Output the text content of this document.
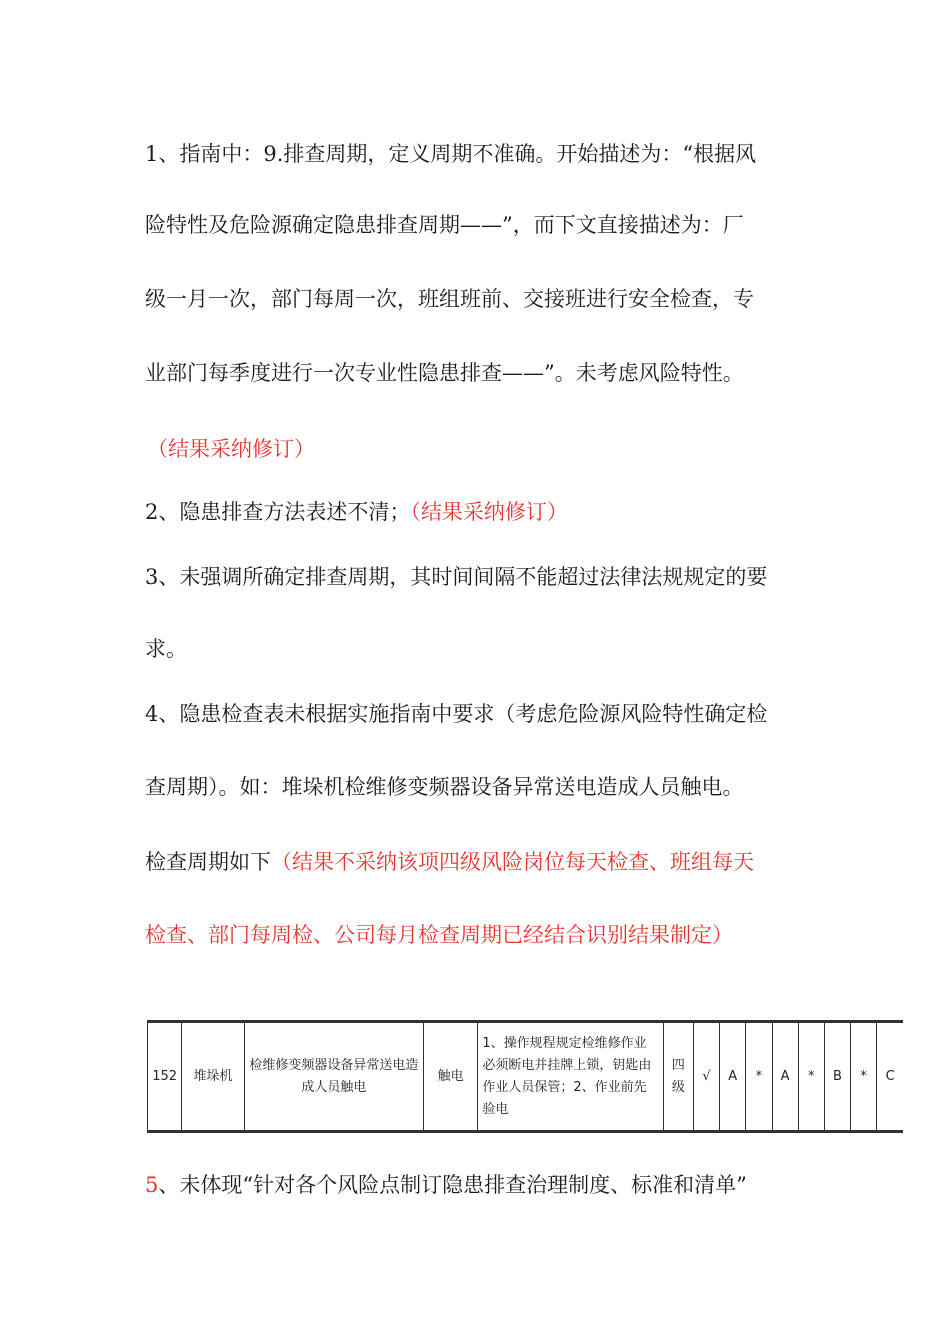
1、指南中：9.排查周期，定义周期不准确。开始描述为：“根据风
险特性及危险源确定隐患排查周期——”，而下文直接描述为：厂
级一月一次，部门每周一次，班组班前、交接班进行安全检查，专
业部门每季度进行一次专业性隐患排查——”。未考虑风险特性。
（结果采纳修订）
2、隐患排查方法表述不清；（结果采纳修订）
3、未强调所确定排查周期，其时间间隔不能超过法律法规规定的要
求。
4、隐患检查表未根据实施指南中要求（考虑危险源风险特性确定检
查周期）。如：堆垛机检维修变频器设备异常送电造成人员触电。
检查周期如下（结果不采纳该项四级风险岗位每天检查、班组每天
检查、部门每周检、公司每月检查周期已经结合识别结果制定）
152	堆垛机	检维修变频器设备异常送电造成人员触电	触电	1、操作规程规定检维修作业必须断电并挂牌上锁，钥匙由作业人员保管；2、作业前先验电	四级	√	A	*	A	*	B	*	C
5、未体现“针对各个风险点制订隐患排查治理制度、标准和清单”
